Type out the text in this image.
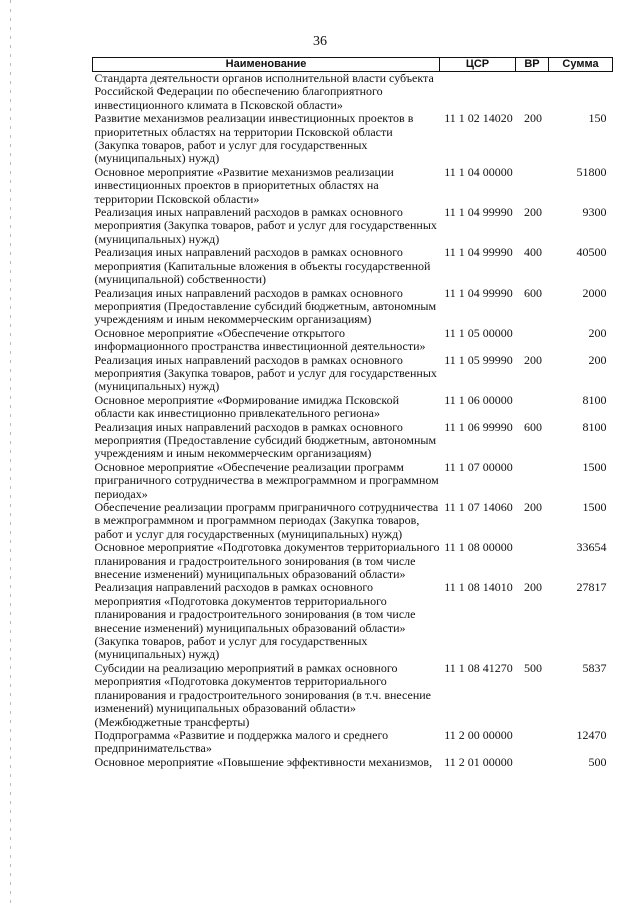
36
Наименование	ЦСР	ВР	Сумма
Стандарта деятельности органов исполнительной власти субъекта Российской Федерации по обеспечению благоприятного инвестиционного климата в Псковской области»			
Развитие механизмов реализации инвестиционных проектов в приоритетных областях на территории Псковской области (Закупка товаров, работ и услуг для государственных (муниципальных) нужд)	11 1 02 14020	200	150
Основное мероприятие «Развитие механизмов реализации инвестиционных проектов в приоритетных областях на территории Псковской области»	11 1 04 00000		51800
Реализация иных направлений расходов в рамках основного мероприятия (Закупка товаров, работ и услуг для государственных (муниципальных) нужд)	11 1 04 99990	200	9300
Реализация иных направлений расходов в рамках основного мероприятия (Капитальные вложения в объекты государственной (муниципальной) собственности)	11 1 04 99990	400	40500
Реализация иных направлений расходов в рамках основного мероприятия (Предоставление субсидий бюджетным, автономным учреждениям и иным некоммерческим организациям)	11 1 04 99990	600	2000
Основное мероприятие «Обеспечение открытого информационного пространства инвестиционной деятельности»	11 1 05 00000		200
Реализация иных направлений расходов в рамках основного мероприятия (Закупка товаров, работ и услуг для государственных (муниципальных) нужд)	11 1 05 99990	200	200
Основное мероприятие «Формирование имиджа Псковской области как инвестиционно привлекательного региона»	11 1 06 00000		8100
Реализация иных направлений расходов в рамках основного мероприятия (Предоставление субсидий бюджетным, автономным учреждениям и иным некоммерческим организациям)	11 1 06 99990	600	8100
Основное мероприятие «Обеспечение реализации программ приграничного сотрудничества в межпрограммном и программном периодах»	11 1 07 00000		1500
Обеспечение реализации программ приграничного сотрудничества в межпрограммном и программном периодах (Закупка товаров, работ и услуг для государственных (муниципальных) нужд)	11 1 07 14060	200	1500
Основное мероприятие «Подготовка документов территориального планирования и градостроительного зонирования (в том числе внесение изменений) муниципальных образований области»	11 1 08 00000		33654
Реализация направлений расходов в рамках основного мероприятия «Подготовка документов территориального планирования и градостроительного зонирования (в том числе внесение изменений) муниципальных образований области» (Закупка товаров, работ и услуг для государственных (муниципальных) нужд)	11 1 08 14010	200	27817
Субсидии на реализацию мероприятий в рамках основного мероприятия «Подготовка документов территориального планирования и градостроительного зонирования (в т.ч. внесение изменений) муниципальных образований области» (Межбюджетные трансферты)	11 1 08 41270	500	5837
Подпрограмма «Развитие и поддержка малого и среднего предпринимательства»	11 2 00 00000		12470
Основное мероприятие «Повышение эффективности механизмов,	11 2 01 00000		500
